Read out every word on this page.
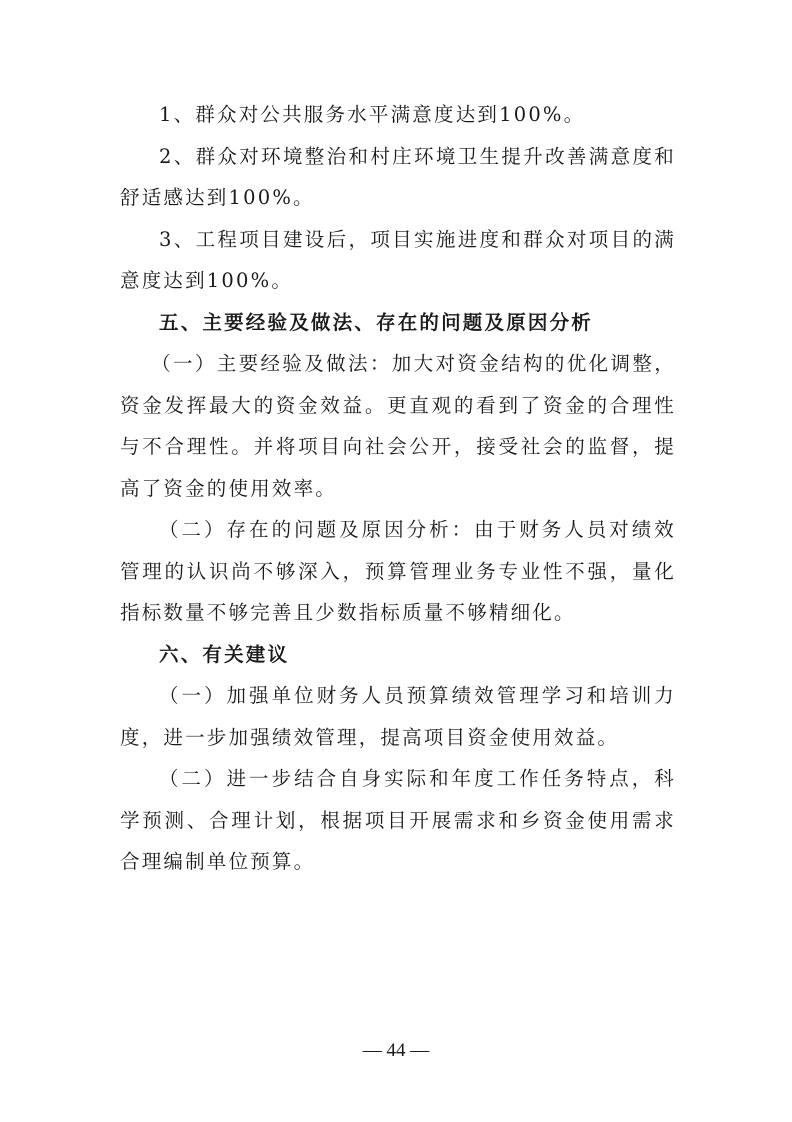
1、群众对公共服务水平满意度达到100%。

2、群众对环境整治和村庄环境卫生提升改善满意度和舒适感达到100%。

3、工程项目建设后，项目实施进度和群众对项目的满意度达到100%。

五、主要经验及做法、存在的问题及原因分析

（一）主要经验及做法：加大对资金结构的优化调整，资金发挥最大的资金效益。更直观的看到了资金的合理性与不合理性。并将项目向社会公开，接受社会的监督，提高了资金的使用效率。

（二）存在的问题及原因分析：由于财务人员对绩效管理的认识尚不够深入，预算管理业务专业性不强，量化指标数量不够完善且少数指标质量不够精细化。

六、有关建议

（一）加强单位财务人员预算绩效管理学习和培训力度，进一步加强绩效管理，提高项目资金使用效益。

（二）进一步结合自身实际和年度工作任务特点，科学预测、合理计划，根据项目开展需求和乡资金使用需求合理编制单位预算。

— 44 —
